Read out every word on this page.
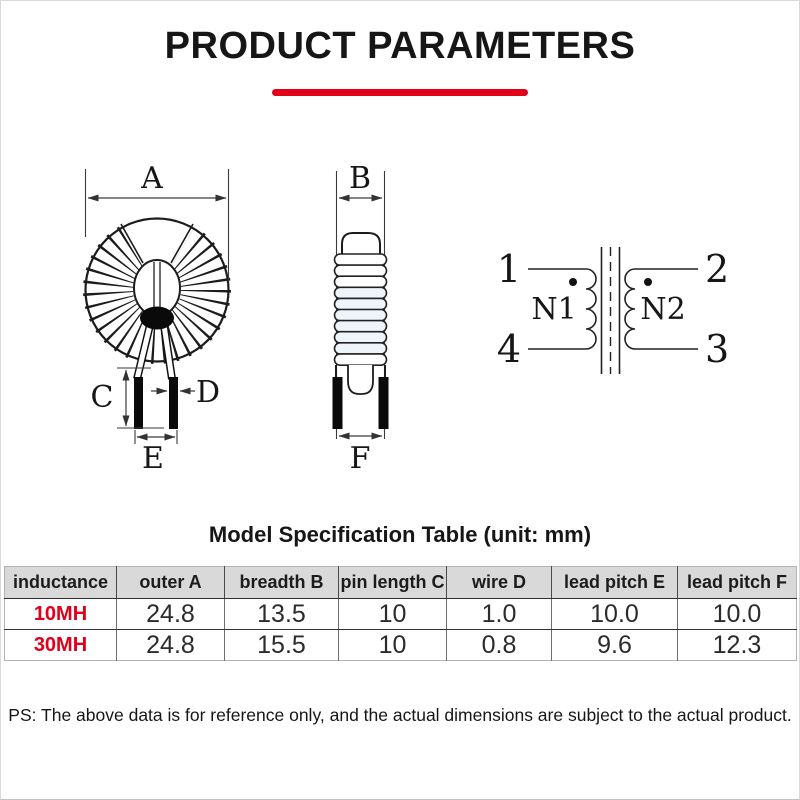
PRODUCT PARAMETERS
A
C	D
E
B
F
1
4
2
3
N1 N2
Model Specification Table (unit: mm)
inductance	outer A	breadth B	pin length C	wire D	lead pitch E	lead pitch F
10MH	24.8	13.5	10	1.0	10.0	10.0
30MH	24.8	15.5	10	0.8	9.6	12.3
PS: The above data is for reference only, and the actual dimensions are subject to the actual product.
